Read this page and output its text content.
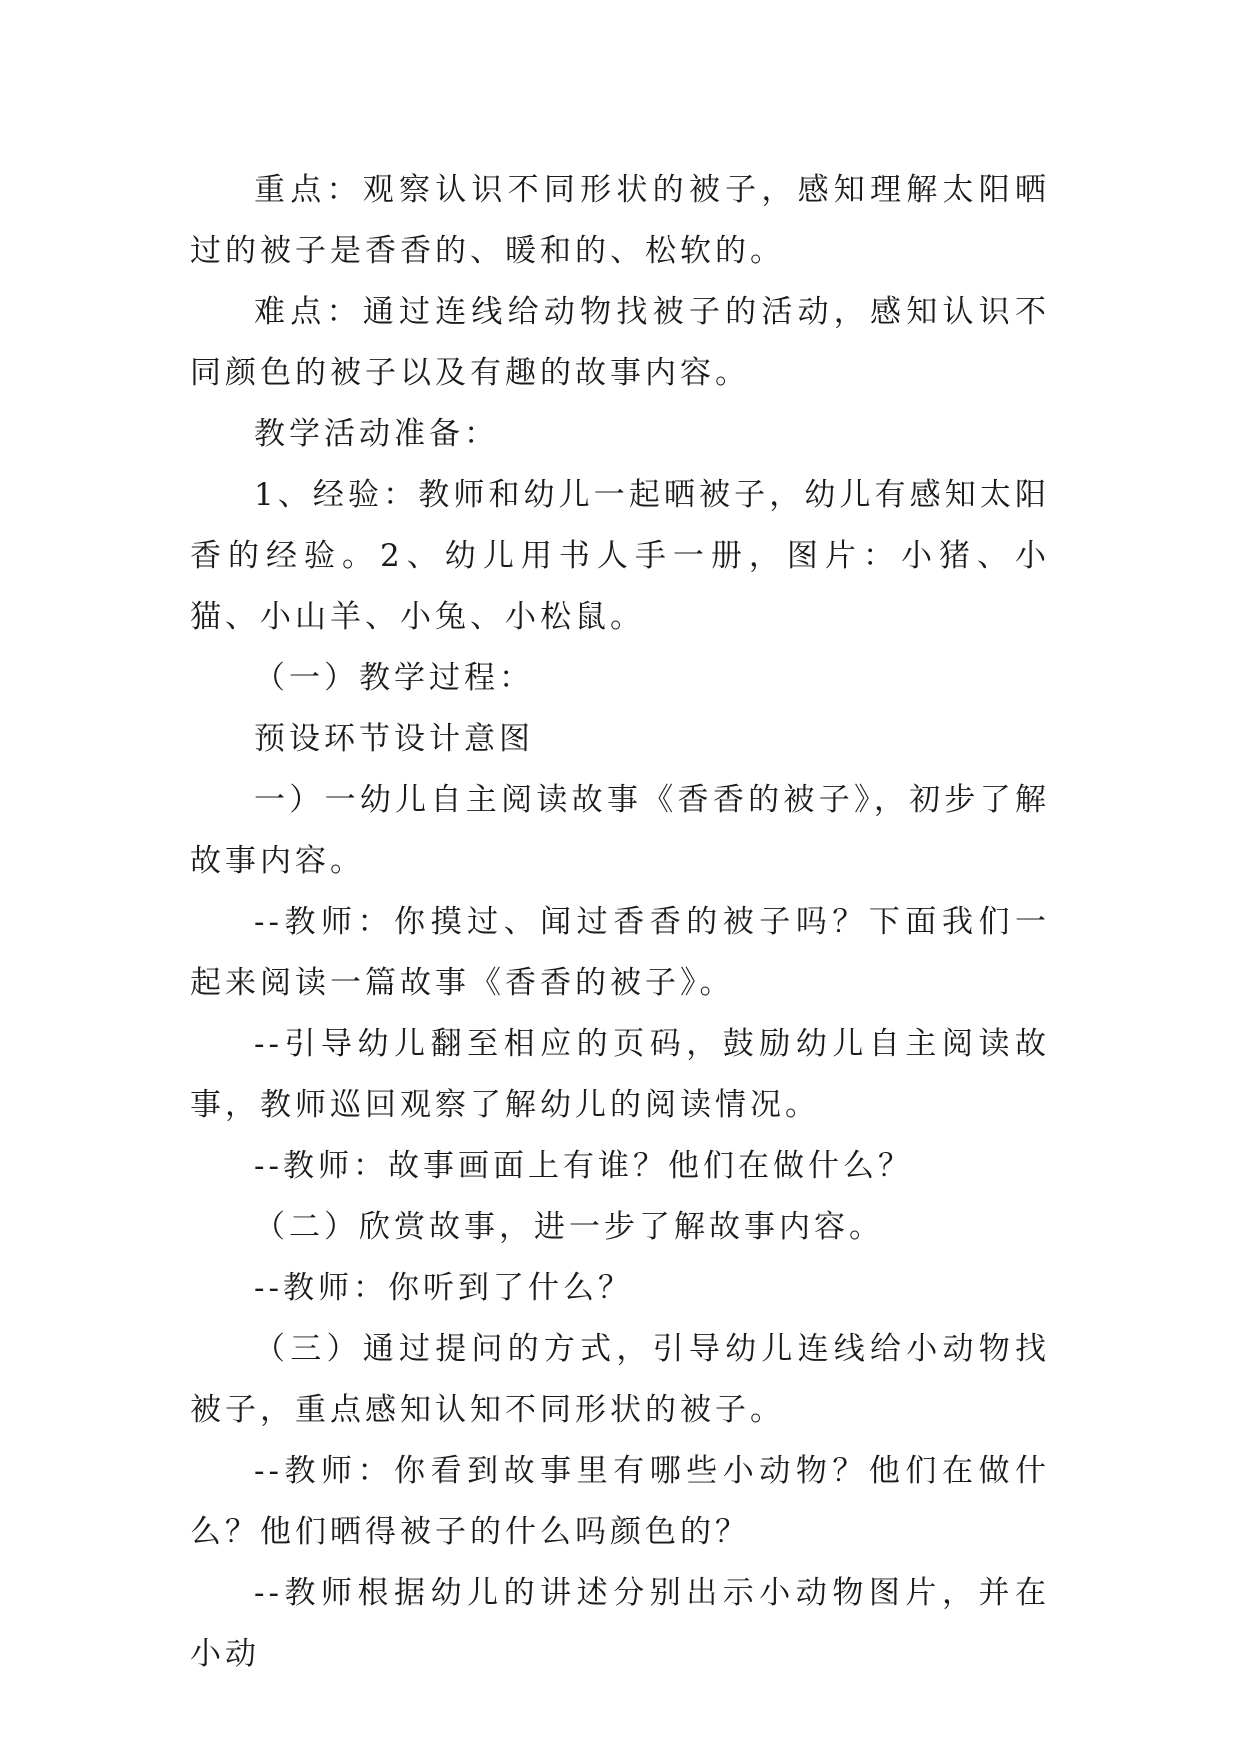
重点：观察认识不同形状的被子，感知理解太阳晒过的被子是香香的、暖和的、松软的。

难点：通过连线给动物找被子的活动，感知认识不同颜色的被子以及有趣的故事内容。

教学活动准备：

1、经验：教师和幼儿一起晒被子，幼儿有感知太阳香的经验。2、幼儿用书人手一册，图片：小猪、小猫、小山羊、小兔、小松鼠。

（一）教学过程：

预设环节设计意图

一）一幼儿自主阅读故事《香香的被子》，初步了解故事内容。

--教师：你摸过、闻过香香的被子吗？下面我们一起来阅读一篇故事《香香的被子》。

--引导幼儿翻至相应的页码，鼓励幼儿自主阅读故事，教师巡回观察了解幼儿的阅读情况。

--教师：故事画面上有谁？他们在做什么？

（二）欣赏故事，进一步了解故事内容。

--教师：你听到了什么？

（三）通过提问的方式，引导幼儿连线给小动物找被子，重点感知认知不同形状的被子。

--教师：你看到故事里有哪些小动物？他们在做什么？他们晒得被子的什么吗颜色的？

--教师根据幼儿的讲述分别出示小动物图片，并在小动
